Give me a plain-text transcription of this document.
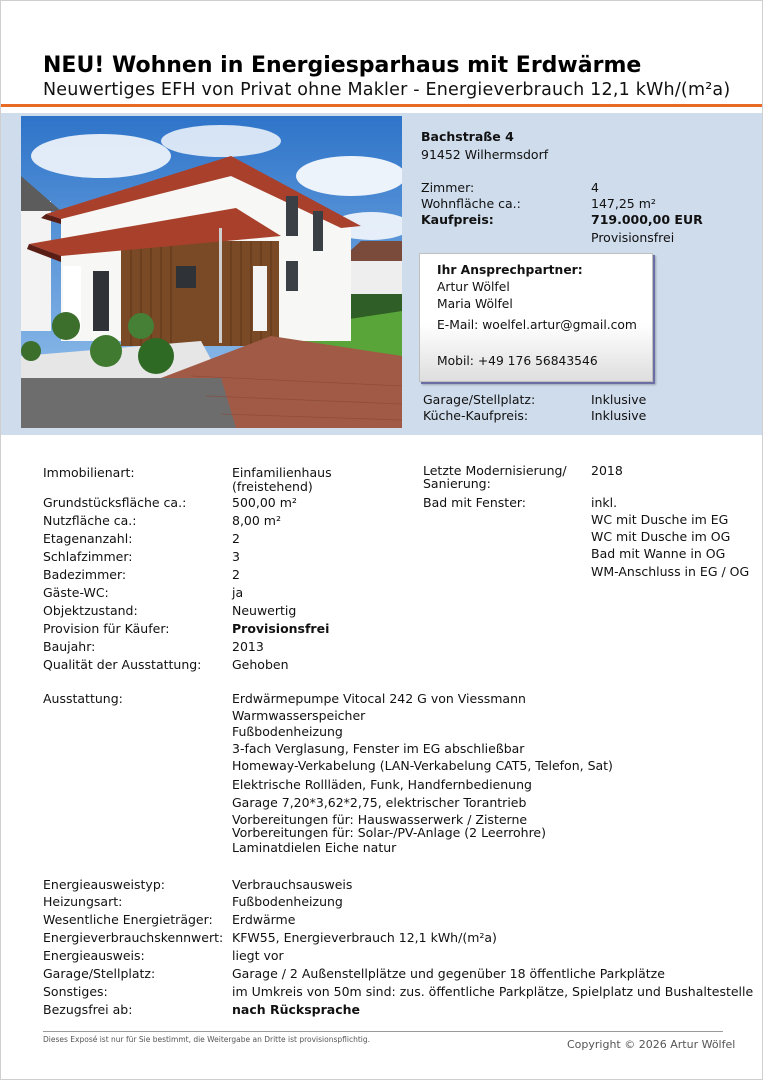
NEU! Wohnen in Energiesparhaus mit Erdwärme
Neuwertiges EFH von Privat ohne Makler - Energieverbrauch 12,1 kWh/(m²a)
Bachstraße 4
91452 Wilhermsdorf
Zimmer:	4
Wohnfläche ca.:	147,25 m²
Kaufpreis:	719.000,00 EUR
Provisionsfrei
Ihr Ansprechpartner:
Artur Wölfel
Maria Wölfel
E-Mail: woelfel.artur@gmail.com
Mobil: +49 176 56843546
Garage/Stellplatz:	Inklusive
Küche-Kaufpreis:	Inklusive
Immobilienart:	Einfamilienhaus
(freistehend)
Grundstücksfläche ca.:	500,00 m²
Nutzfläche ca.:	8,00 m²
Etagenanzahl:	2
Schlafzimmer:	3
Badezimmer:	2
Gäste-WC:	ja
Objektzustand:	Neuwertig
Provision für Käufer:	Provisionsfrei
Baujahr:	2013
Qualität der Ausstattung: Gehoben
Letzte Modernisierung/
Sanierung:
2018
Bad mit Fenster:	inkl.
WC mit Dusche im EG
WC mit Dusche im OG
Bad mit Wanne in OG
WM-Anschluss in EG / OG
Ausstattung:	Erdwärmepumpe Vitocal 242 G von Viessmann
Warmwasserspeicher
Fußbodenheizung
3-fach Verglasung, Fenster im EG abschließbar
Homeway-Verkabelung (LAN-Verkabelung CAT5, Telefon, Sat)
Elektrische Rollläden, Funk, Handfernbedienung
Garage 7,20*3,62*2,75, elektrischer Torantrieb
Vorbereitungen für: Hauswasserwerk / Zisterne
Vorbereitungen für: Solar-/PV-Anlage (2 Leerrohre)
Laminatdielen Eiche natur
Energieausweistyp:	Verbrauchsausweis
Heizungsart:	Fußbodenheizung
Wesentliche Energieträger: Erdwärme
Energieverbrauchskennwert: KFW55, Energieverbrauch 12,1 kWh/(m²a)
Energieausweis:	liegt vor
Garage/Stellplatz:	Garage / 2 Außenstellplätze und gegenüber 18 öffentliche Parkplätze
Sonstiges:	im Umkreis von 50m sind: zus. öffentliche Parkplätze, Spielplatz und Bushaltestelle
Bezugsfrei ab:	nach Rücksprache
Dieses Exposé ist nur für Sie bestimmt, die Weitergabe an Dritte ist provisionspflichtig.	Copyright © 2026 Artur Wölfel
